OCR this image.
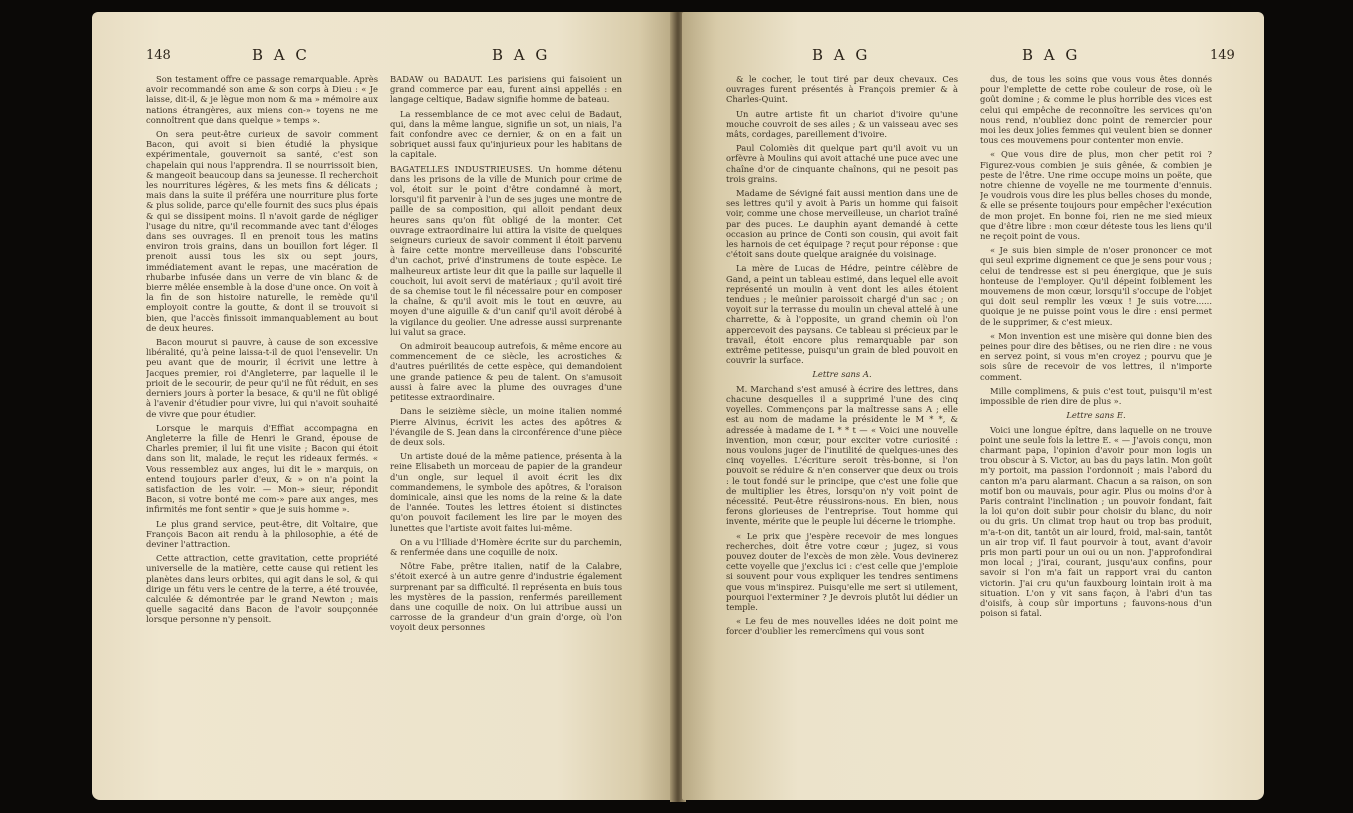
148	B A C	B A G

Son testament offre ce passage remarquable. Après avoir recommandé son ame & son corps à Dieu : « Je laisse, dit-il, & je lègue mon nom & ma » mémoire aux nations étrangères, aux miens con-» toyens ne me connoîtrent que dans quelque » temps ».

On sera peut-être curieux de savoir comment Bacon, qui avoit si bien étudié la physique expérimentale, gouvernoit sa santé, c'est son chapelain qui nous l'apprendra. Il se nourrissoit bien, & mangeoit beaucoup dans sa jeunesse. Il recherchoit les nourritures légères, & les mets fins & délicats ; mais dans la suite il préféra une nourriture plus forte & plus solide, parce qu'elle fournit des sucs plus épais & qui se dissipent moins. Il n'avoit garde de négliger l'usage du nitre, qu'il recommande avec tant d'éloges dans ses ouvrages. Il en prenoit tous les matins environ trois grains, dans un bouillon fort léger. Il prenoit aussi tous les six ou sept jours, immédiatement avant le repas, une macération de rhubarbe infusée dans un verre de vin blanc & de bierre mêlée ensemble à la dose d'une once. On voit à la fin de son histoire naturelle, le remède qu'il employoit contre la goutte, & dont il se trouvoit si bien, que l'accès finissoit immanquablement au bout de deux heures.

Bacon mourut si pauvre, à cause de son excessive libéralité, qu'à peine laissa-t-il de quoi l'ensevelir. Un peu avant que de mourir, il écrivit une lettre à Jacques premier, roi d'Angleterre, par laquelle il le prioit de le secourir, de peur qu'il ne fût réduit, en ses derniers jours à porter la besace, & qu'il ne fût obligé à l'avenir d'étudier pour vivre, lui qui n'avoit souhaité de vivre que pour étudier.

Lorsque le marquis d'Effiat accompagna en Angleterre la fille de Henri le Grand, épouse de Charles premier, il lui fit une visite ; Bacon qui étoit dans son lit, malade, le reçut les rideaux fermés. « Vous ressemblez aux anges, lui dit le » marquis, on entend toujours parler d'eux, & » on n'a point la satisfaction de les voir. — Mon-» sieur, répondit Bacon, si votre bonté me com-» pare aux anges, mes infirmités me font sentir » que je suis homme ».

Le plus grand service, peut-être, dit Voltaire, que François Bacon ait rendu à la philosophie, a été de deviner l'attraction.

Cette attraction, cette gravitation, cette propriété universelle de la matière, cette cause qui retient les planètes dans leurs orbites, qui agit dans le sol, & qui dirige un fétu vers le centre de la terre, a été trouvée, calculée & démontrée par le grand Newton ; mais quelle sagacité dans Bacon de l'avoir soupçonnée lorsque personne n'y pensoit.

BADAW ou BADAUT. Les parisiens qui faisoient un grand commerce par eau, furent ainsi appellés : en langage celtique, Badaw signifie homme de bateau.

La ressemblance de ce mot avec celui de Badaut, qui, dans la même langue, signifie un sot, un niais, l'a fait confondre avec ce dernier, & on en a fait un sobriquet aussi faux qu'injurieux pour les habitans de la capitale.

BAGATELLES INDUSTRIEUSES. Un homme détenu dans les prisons de la ville de Munich pour crime de vol, étoit sur le point d'être condamné à mort, lorsqu'il fit parvenir à l'un de ses juges une montre de paille de sa composition, qui alloit pendant deux heures sans qu'on fût obligé de la monter. Cet ouvrage extraordinaire lui attira la visite de quelques seigneurs curieux de savoir comment il étoit parvenu à faire cette montre merveilleuse dans l'obscurité d'un cachot, privé d'instrumens de toute espèce. Le malheureux artiste leur dit que la paille sur laquelle il couchoit, lui avoit servi de matériaux ; qu'il avoit tiré de sa chemise tout le fil nécessaire pour en composer la chaîne, & qu'il avoit mis le tout en œuvre, au moyen d'une aiguille & d'un canif qu'il avoit dérobé à la vigilance du geolier. Une adresse aussi surprenante lui valut sa grace.

On admiroit beaucoup autrefois, & même encore au commencement de ce siècle, les acrostiches & d'autres puérilités de cette espèce, qui demandoient une grande patience & peu de talent. On s'amusoit aussi à faire avec la plume des ouvrages d'une petitesse extraordinaire.

Dans le seizième siècle, un moine italien nommé Pierre Alvinus, écrivit les actes des apôtres & l'évangile de S. Jean dans la circonférence d'une pièce de deux sols.

Un artiste doué de la même patience, présenta à la reine Elisabeth un morceau de papier de la grandeur d'un ongle, sur lequel il avoit écrit les dix commandemens, le symbole des apôtres, & l'oraison dominicale, ainsi que les noms de la reine & la date de l'année. Toutes les lettres étoient si distinctes qu'on pouvoit facilement les lire par le moyen des lunettes que l'artiste avoit faites lui-même.

On a vu l'Illiade d'Homère écrite sur du parchemin, & renfermée dans une coquille de noix.

Nôtre Fabe, prêtre italien, natif de la Calabre, s'étoit exercé à un autre genre d'industrie également surprenant par sa difficulté. Il représenta en buis tous les mystères de la passion, renfermés pareillement dans une coquille de noix. On lui attribue aussi un carrosse de la grandeur d'un grain d'orge, où l'on voyoit deux personnes

B A G	B A G	149

& le cocher, le tout tiré par deux chevaux. Ces ouvrages furent présentés à François premier & à Charles-Quint.

Un autre artiste fit un chariot d'ivoire qu'une mouche couvroit de ses ailes ; & un vaisseau avec ses mâts, cordages, pareillement d'ivoire.

Paul Colomiès dit quelque part qu'il avoit vu un orfèvre à Moulins qui avoit attaché une puce avec une chaîne d'or de cinquante chaînons, qui ne pesoit pas trois grains.

Madame de Sévigné fait aussi mention dans une de ses lettres qu'il y avoit à Paris un homme qui faisoit voir, comme une chose merveilleuse, un chariot traîné par des puces. Le dauphin ayant demandé à cette occasion au prince de Conti son cousin, qui avoit fait les harnois de cet équipage ? reçut pour réponse : que c'étoit sans doute quelque araignée du voisinage.

La mère de Lucas de Hédre, peintre célèbre de Gand, a peint un tableau estimé, dans lequel elle avoit représenté un moulin à vent dont les ailes étoient tendues ; le meûnier paroissoit chargé d'un sac ; on voyoit sur la terrasse du moulin un cheval attelé à une charrette, & à l'opposite, un grand chemin où l'on appercevoit des paysans. Ce tableau si précieux par le travail, étoit encore plus remarquable par son extrême petitesse, puisqu'un grain de bled pouvoit en couvrir la surface.

Lettre sans A.

M. Marchand s'est amusé à écrire des lettres, dans chacune desquelles il a supprimé l'une des cinq voyelles. Commençons par la maîtresse sans A ; elle est au nom de madame la présidente le M * *, & adressée à madame de L * * t — « Voici une nouvelle invention, mon cœur, pour exciter votre curiosité : nous voulons juger de l'inutilité de quelques-unes des cinq voyelles. L'écriture seroit très-bonne, si l'on pouvoit se réduire & n'en conserver que deux ou trois : le tout fondé sur le principe, que c'est une folie que de multiplier les êtres, lorsqu'on n'y voit point de nécessité. Peut-être réussirons-nous. En bien, nous ferons glorieuses de l'entreprise. Tout homme qui invente, mérite que le peuple lui décerne le triomphe.

« Le prix que j'espère recevoir de mes longues recherches, doit être votre cœur ; jugez, si vous pouvez douter de l'excès de mon zèle. Vous devinerez cette voyelle que j'exclus ici : c'est celle que j'emploie si souvent pour vous expliquer les tendres sentimens que vous m'inspirez. Puisqu'elle me sert si utilement, pourquoi l'exterminer ? Je devrois plutôt lui dédier un temple.

« Le feu de mes nouvelles idées ne doit point me forcer d'oublier les remercîmens qui vous sont

dus, de tous les soins que vous vous êtes donnés pour l'emplette de cette robe couleur de rose, où le goût domine ; & comme le plus horrible des vices est celui qui empêche de reconnoître les services qu'on nous rend, n'oubliez donc point de remercier pour moi les deux jolies femmes qui veulent bien se donner tous ces mouvemens pour contenter mon envie.

« Que vous dire de plus, mon cher petit roi ? Figurez-vous combien je suis gênée, & combien je peste de l'être. Une rime occupe moins un poëte, que notre chienne de voyelle ne me tourmente d'ennuis. Je voudrois vous dire les plus belles choses du monde, & elle se présente toujours pour empêcher l'exécution de mon projet. En bonne foi, rien ne me sied mieux que d'être libre : mon cœur déteste tous les liens qu'il ne reçoit point de vous.

« Je suis bien simple de n'oser prononcer ce mot qui seul exprime dignement ce que je sens pour vous ; celui de tendresse est si peu énergique, que je suis honteuse de l'employer. Qu'il dépeint foiblement les mouvemens de mon cœur, lorsqu'il s'occupe de l'objet qui doit seul remplir les vœux ! Je suis votre...... quoique je ne puisse point vous le dire : ensi permet de le supprimer, & c'est mieux.

« Mon invention est une misère qui donne bien des peines pour dire des bêtises, ou ne rien dire : ne vous en servez point, si vous m'en croyez ; pourvu que je sois sûre de recevoir de vos lettres, il n'importe comment.

Mille complimens, & puis c'est tout, puisqu'il m'est impossible de rien dire de plus ».

Lettre sans E.

Voici une longue épître, dans laquelle on ne trouve point une seule fois la lettre E. « — J'avois conçu, mon charmant papa, l'opinion d'avoir pour mon logis un trou obscur à S. Victor, au bas du pays latin. Mon goût m'y portoit, ma passion l'ordonnoit ; mais l'abord du canton m'a paru alarmant. Chacun a sa raison, on son motif bon ou mauvais, pour agir. Plus ou moins d'or à Paris contraint l'inclination ; un pouvoir fondant, fait la loi qu'on doit subir pour choisir du blanc, du noir ou du gris. Un climat trop haut ou trop bas produit, m'a-t-on dit, tantôt un air lourd, froid, mal-sain, tantôt un air trop vif. Il faut pourvoir à tout, avant d'avoir pris mon parti pour un oui ou un non. J'approfondirai mon local ; j'irai, courant, jusqu'aux confins, pour savoir si l'on m'a fait un rapport vrai du canton victorin. J'ai cru qu'un fauxbourg lointain iroit à ma situation. L'on y vit sans façon, à l'abri d'un tas d'oisifs, à coup sûr importuns ; fauvons-nous d'un poison si fatal.
